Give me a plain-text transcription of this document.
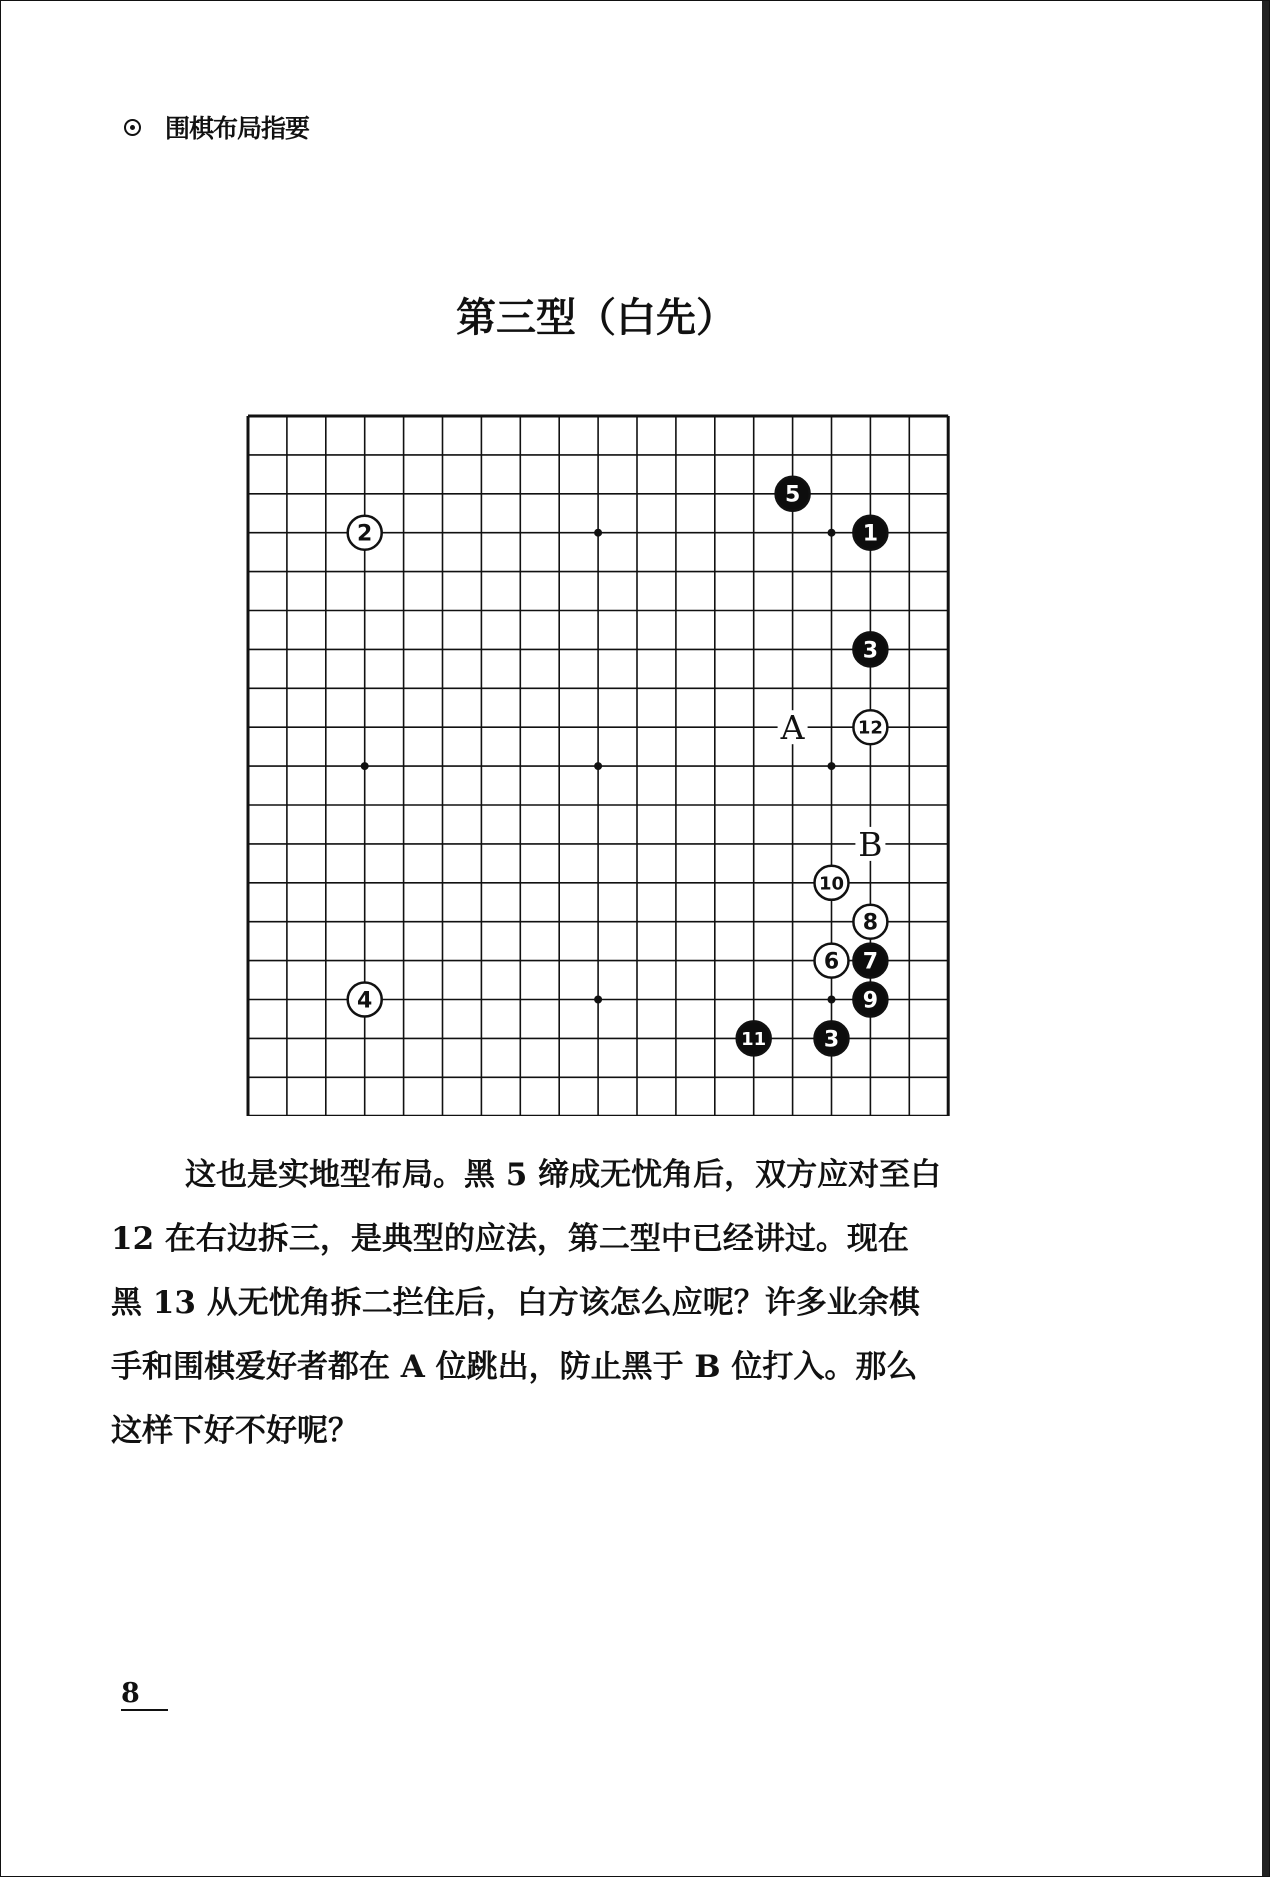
围棋布局指要
第三型（白先）
A
B
1
2
3
3
4
5
6 7
8
9
10
11
12

这也是实地型布局。黑 5 缔成无忧角后，双方应对至白
12 在右边拆三，是典型的应法，第二型中已经讲过。现在
黑 13 从无忧角拆二拦住后，白方该怎么应呢？许多业余棋
手和围棋爱好者都在 A 位跳出，防止黑于 B 位打入。那么
这样下好不好呢？

8
